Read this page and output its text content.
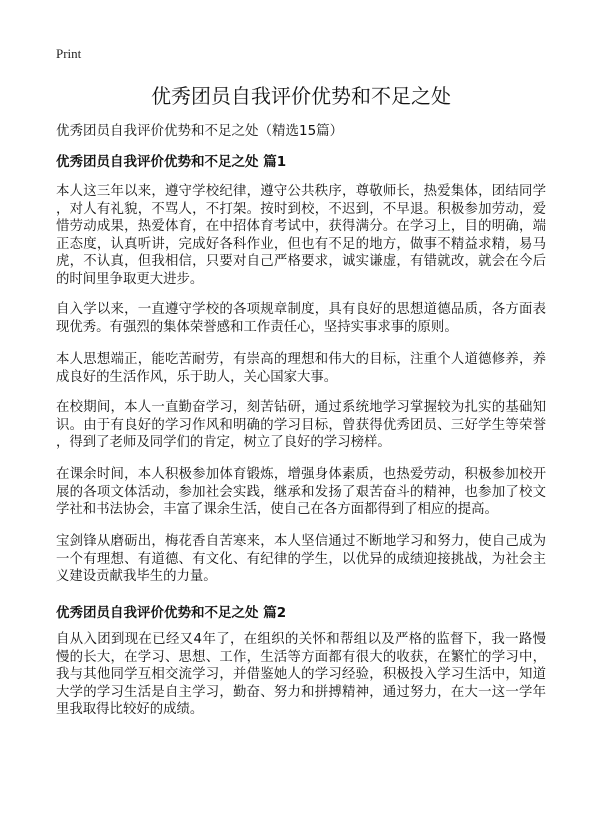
Print
优秀团员自我评价优势和不足之处
优秀团员自我评价优势和不足之处（精选15篇）
优秀团员自我评价优势和不足之处 篇1
本人这三年以来，遵守学校纪律，遵守公共秩序，尊敬师长，热爱集体，团结同学
，对人有礼貌，不骂人，不打架。按时到校，不迟到，不早退。积极参加劳动，爱
惜劳动成果，热爱体育，在中招体育考试中，获得满分。在学习上，目的明确，端
正态度，认真听讲，完成好各科作业，但也有不足的地方，做事不精益求精，易马
虎，不认真，但我相信，只要对自己严格要求，诚实谦虚，有错就改，就会在今后
的时间里争取更大进步。
自入学以来，一直遵守学校的各项规章制度，具有良好的思想道德品质，各方面表
现优秀。有强烈的集体荣誉感和工作责任心，坚持实事求事的原则。
本人思想端正，能吃苦耐劳，有崇高的理想和伟大的目标，注重个人道德修养，养
成良好的生活作风，乐于助人，关心国家大事。
在校期间，本人一直勤奋学习，刻苦钻研，通过系统地学习掌握较为扎实的基础知
识。由于有良好的学习作风和明确的学习目标，曾获得优秀团员、三好学生等荣誉
，得到了老师及同学们的肯定，树立了良好的学习榜样。
在课余时间，本人积极参加体育锻炼，增强身体素质，也热爱劳动，积极参加校开
展的各项文体活动，参加社会实践，继承和发扬了艰苦奋斗的精神，也参加了校文
学社和书法协会，丰富了课余生活，使自己在各方面都得到了相应的提高。
宝剑锋从磨砺出，梅花香自苦寒来，本人坚信通过不断地学习和努力，使自己成为
一个有理想、有道德、有文化、有纪律的学生，以优异的成绩迎接挑战，为社会主
义建设贡献我毕生的力量。
优秀团员自我评价优势和不足之处 篇2
自从入团到现在已经又4年了，在组织的关怀和帮组以及严格的监督下，我一路慢
慢的长大，在学习、思想、工作，生活等方面都有很大的收获，在繁忙的学习中，
我与其他同学互相交流学习，并借鉴她人的学习经验，积极投入学习生活中，知道
大学的学习生活是自主学习，勤奋、努力和拼搏精神，通过努力，在大一这一学年
里我取得比较好的成绩。
